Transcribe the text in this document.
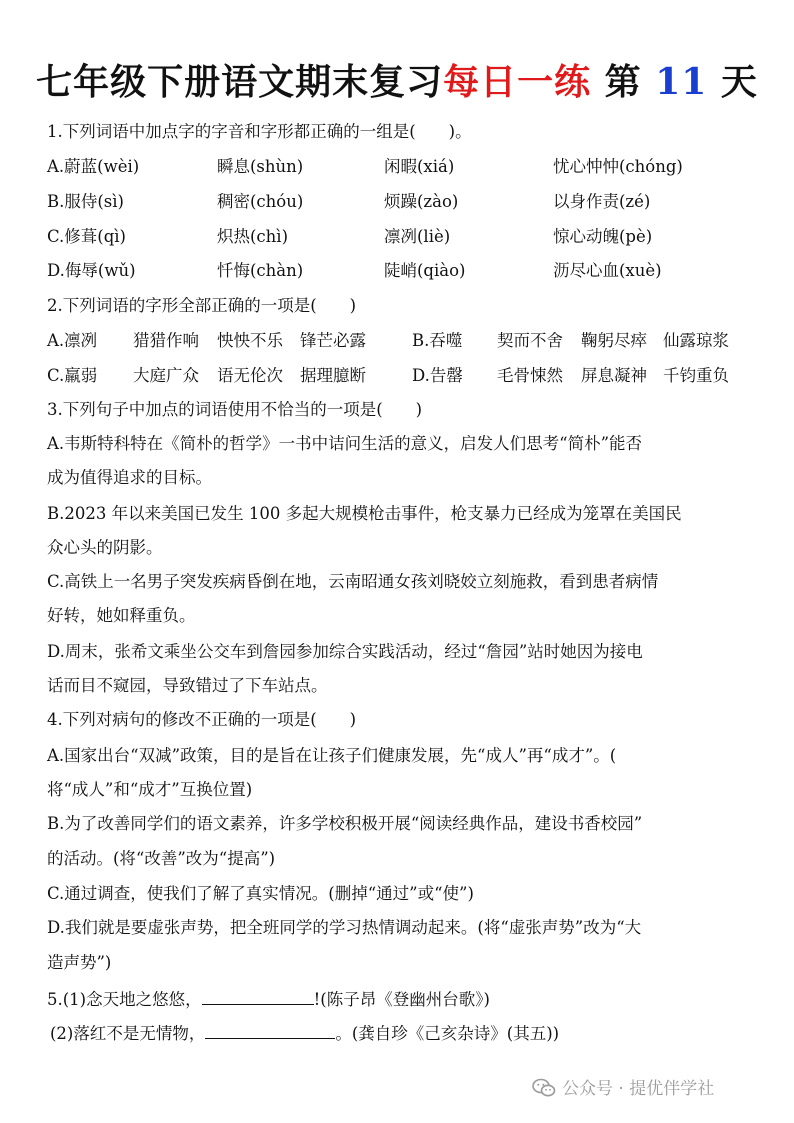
七年级下册语文期末复习每日一练 第 11 天
1.下列词语中加点字的字音和字形都正确的一组是(　　)。
A.蔚蓝(wèi)	瞬息(shùn)	闲暇(xiá)	忧心忡忡(chóng)
B.服侍(sì)	稠密(chóu)	烦躁(zào)	以身作责(zé)
C.修葺(qì)	炽热(chì)	凛冽(liè)	惊心动魄(pè)
D.侮辱(wǔ)	忏悔(chàn)	陡峭(qiào)	沥尽心血(xuè)
2.下列词语的字形全部正确的一项是(　　)
A.凛冽 猎猎作响 怏怏不乐 锋芒必露	B.吞噬 契而不舍 鞠躬尽瘁 仙露琼浆
C.羸弱 大庭广众 语无伦次 据理臆断	D.告罄 毛骨悚然 屏息凝神 千钧重负
3.下列句子中加点的词语使用不恰当的一项是(　　)
A.韦斯特科特在《简朴的哲学》一书中诘问生活的意义，启发人们思考“简朴”能否
成为值得追求的目标。
B.2023 年以来美国已发生 100 多起大规模枪击事件，枪支暴力已经成为笼罩在美国民
众心头的阴影。
C.高铁上一名男子突发疾病昏倒在地，云南昭通女孩刘晓姣立刻施救，看到患者病情
好转，她如释重负。
D.周末，张希文乘坐公交车到詹园参加综合实践活动，经过“詹园”站时她因为接电
话而目不窥园，导致错过了下车站点。
4.下列对病句的修改不正确的一项是(　　)
A.国家出台“双减”政策，目的是旨在让孩子们健康发展，先“成人”再“成才”。(
将“成人”和“成才”互换位置)
B.为了改善同学们的语文素养，许多学校积极开展“阅读经典作品，建设书香校园”
的活动。(将“改善”改为“提高”)
C.通过调查，使我们了解了真实情况。(删掉“通过”或“使”)
D.我们就是要虚张声势，把全班同学的学习热情调动起来。(将“虚张声势”改为“大
造声势”)
5.(1)念天地之悠悠，	!(陈子昂《登幽州台歌》)
(2)落红不是无情物，	。(龚自珍《己亥杂诗》(其五))
公众号 · 提优伴学社
